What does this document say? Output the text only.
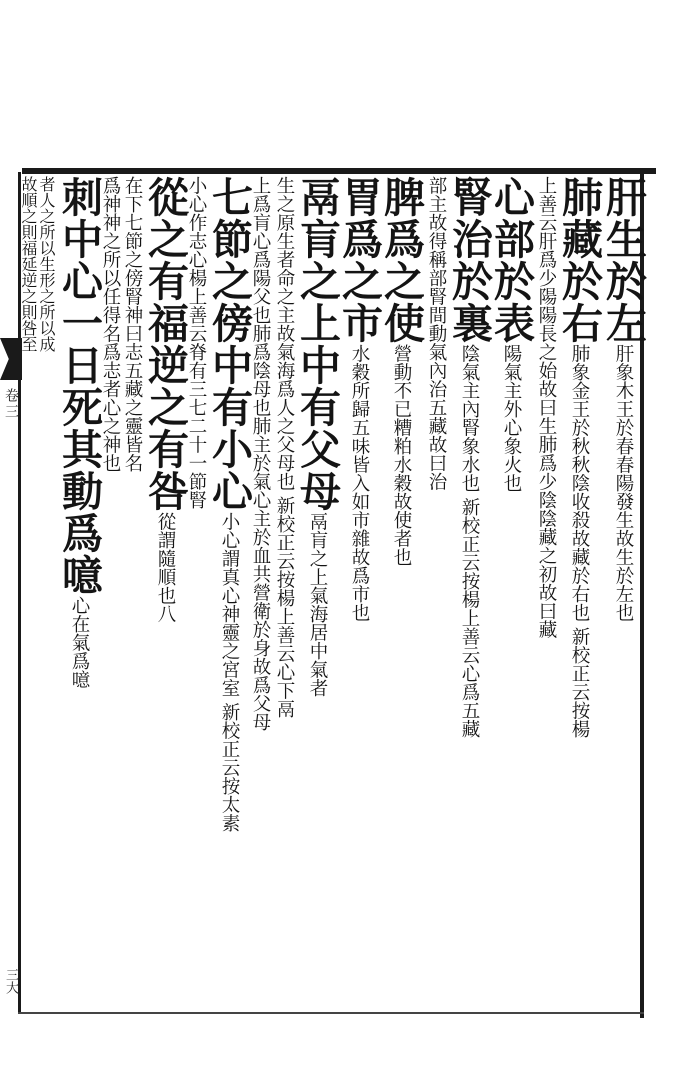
卷三
三大
肝生於左肝象木王於春春陽發生故生於左也
肺藏於右肺象金王於秋秋陰收殺故藏於右也 新校正云按楊
上善云肝爲少陽陽長之始故曰生肺爲少陰陰藏之初故曰藏
心部於表陽氣主外心象火也
腎治於裏陰氣主內腎象水也 新校正云按楊上善云心爲五藏
部主故得稱部腎間動氣內治五藏故曰治
脾爲之使營動不已糟粕水穀故使者也
胃爲之市水穀所歸五味皆入如市雜故爲市也
鬲肓之上中有父母鬲肓之上氣海居中氣者
生之原生者命之主故氣海爲人之父母也 新校正云按楊上善云心下鬲
上爲肓心爲陽父也肺爲陰母也肺主於氣心主於血共營衛於身故爲父母
七節之傍中有小心小心謂真心神靈之宮室 新校正云按太素
小心作志心楊上善云脊有三七二十一節腎
從之有福逆之有咎從謂隨順也八
在下七節之傍腎神曰志五藏之靈皆名
爲神神之所以任得名爲志者心之神也
刺中心一日死其動爲噫心在氣爲噫
者人之所以生形之所以成
故順之則福延逆之則咎至
